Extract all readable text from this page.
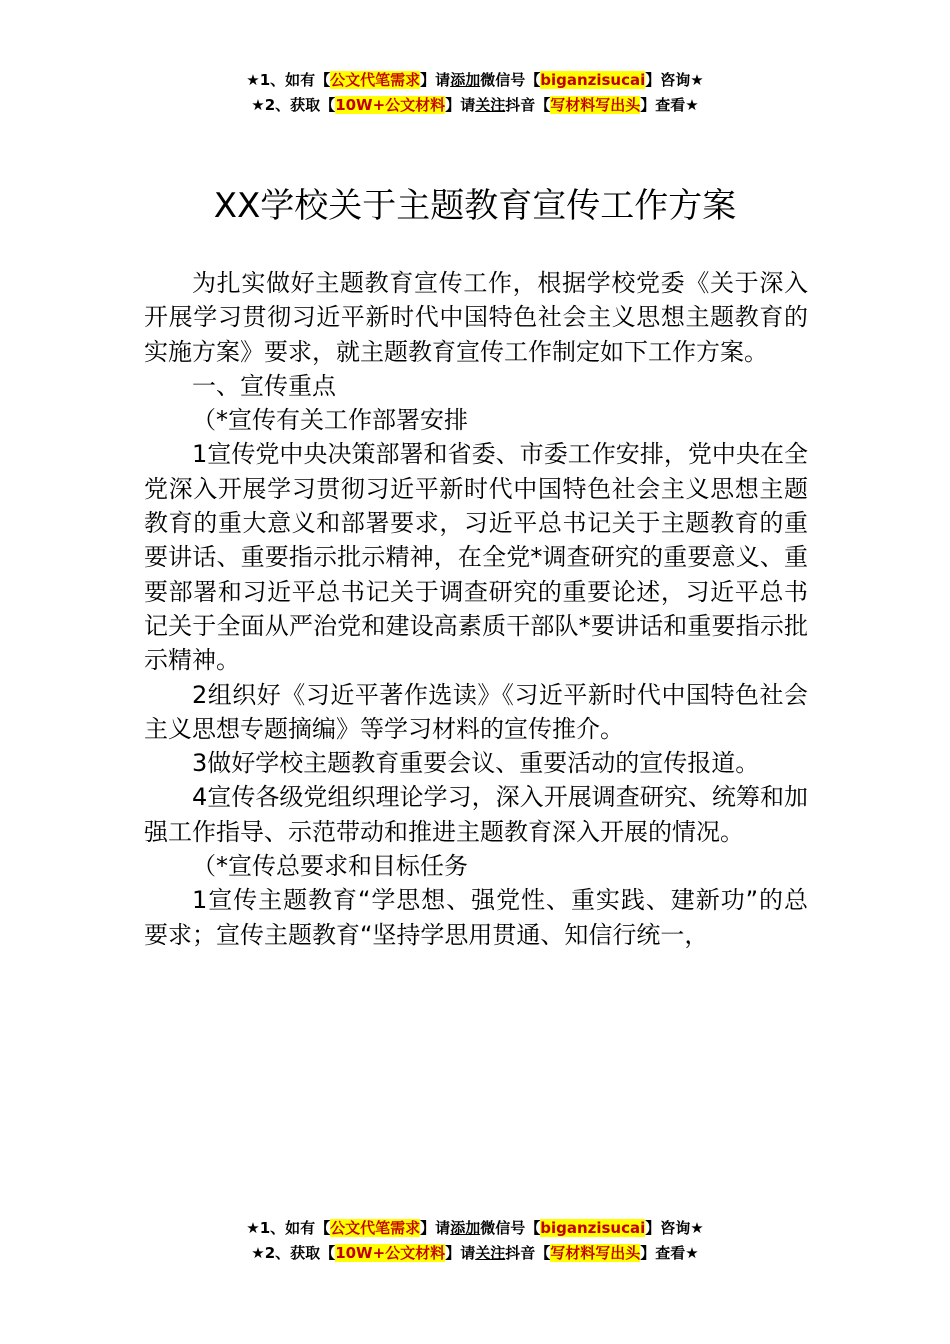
★1、如有【公文代笔需求】请添加微信号【biganzisucai】咨询★
★2、获取【10W+公文材料】请关注抖音【写材料写出头】查看★
XX学校关于主题教育宣传工作方案

为扎实做好主题教育宣传工作，根据学校党委《关于深入开展学习贯彻习近平新时代中国特色社会主义思想主题教育的实施方案》要求，就主题教育宣传工作制定如下工作方案。

一、宣传重点

（*宣传有关工作部署安排

1宣传党中央决策部署和省委、市委工作安排，党中央在全党深入开展学习贯彻习近平新时代中国特色社会主义思想主题教育的重大意义和部署要求，习近平总书记关于主题教育的重要讲话、重要指示批示精神，在全党*调查研究的重要意义、重要部署和习近平总书记关于调查研究的重要论述，习近平总书记关于全面从严治党和建设高素质干部队*要讲话和重要指示批示精神。

2组织好《习近平著作选读》《习近平新时代中国特色社会主义思想专题摘编》等学习材料的宣传推介。

3做好学校主题教育重要会议、重要活动的宣传报道。

4宣传各级党组织理论学习，深入开展调查研究、统筹和加强工作指导、示范带动和推进主题教育深入开展的情况。

（*宣传总要求和目标任务

1宣传主题教育“学思想、强党性、重实践、建新功”的总要求；宣传主题教育“坚持学思用贯通、知信行统一，

★1、如有【公文代笔需求】请添加微信号【biganzisucai】咨询★
★2、获取【10W+公文材料】请关注抖音【写材料写出头】查看★
